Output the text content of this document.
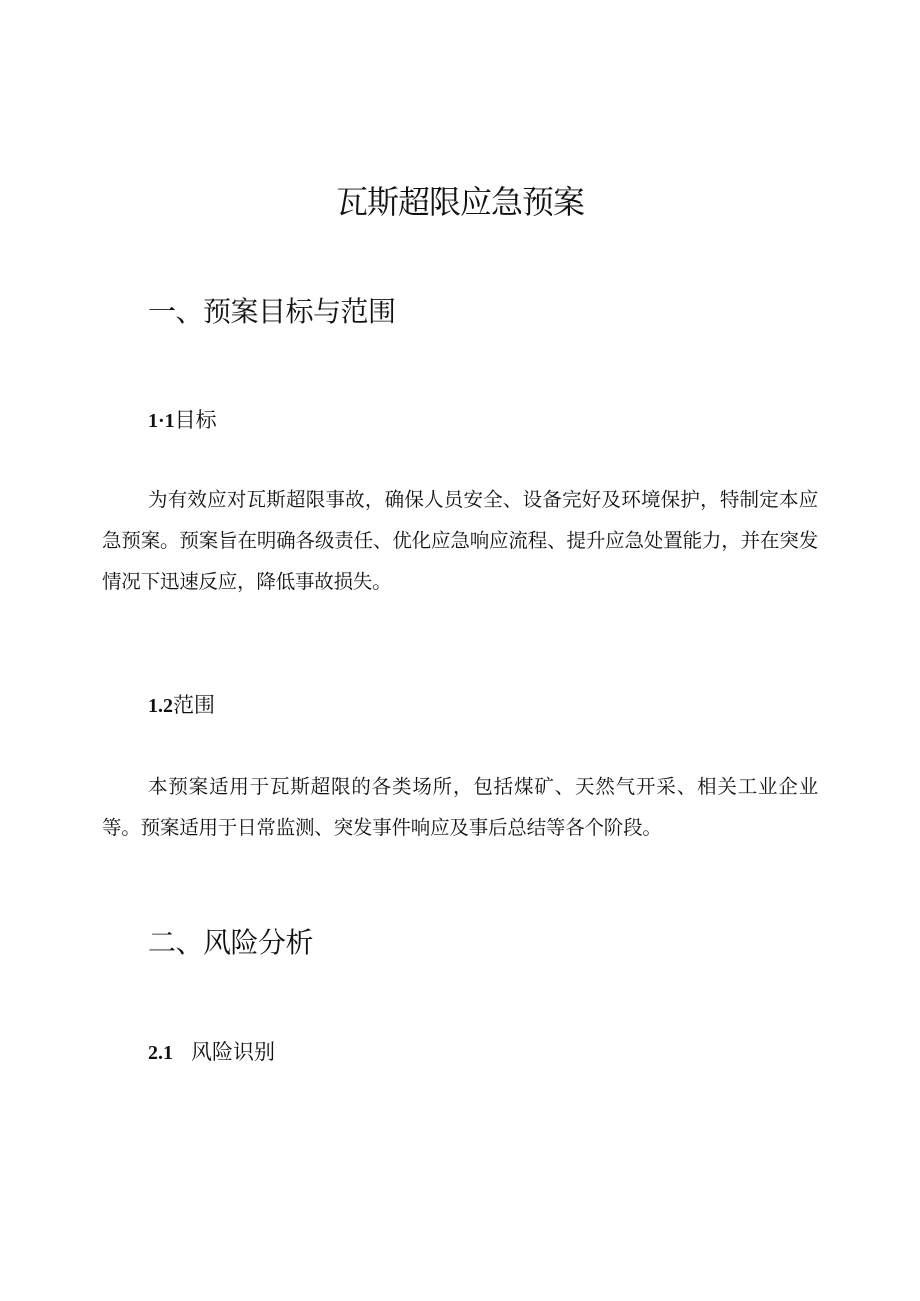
瓦斯超限应急预案
一、预案目标与范围
1·1目标

为有效应对瓦斯超限事故，确保人员安全、设备完好及环境保护，特制定本应急预案。预案旨在明确各级责任、优化应急响应流程、提升应急处置能力，并在突发情况下迅速反应，降低事故损失。

1.2范围

本预案适用于瓦斯超限的各类场所，包括煤矿、天然气开采、相关工业企业等。预案适用于日常监测、突发事件响应及事后总结等各个阶段。

二、风险分析
2.1 风险识别
